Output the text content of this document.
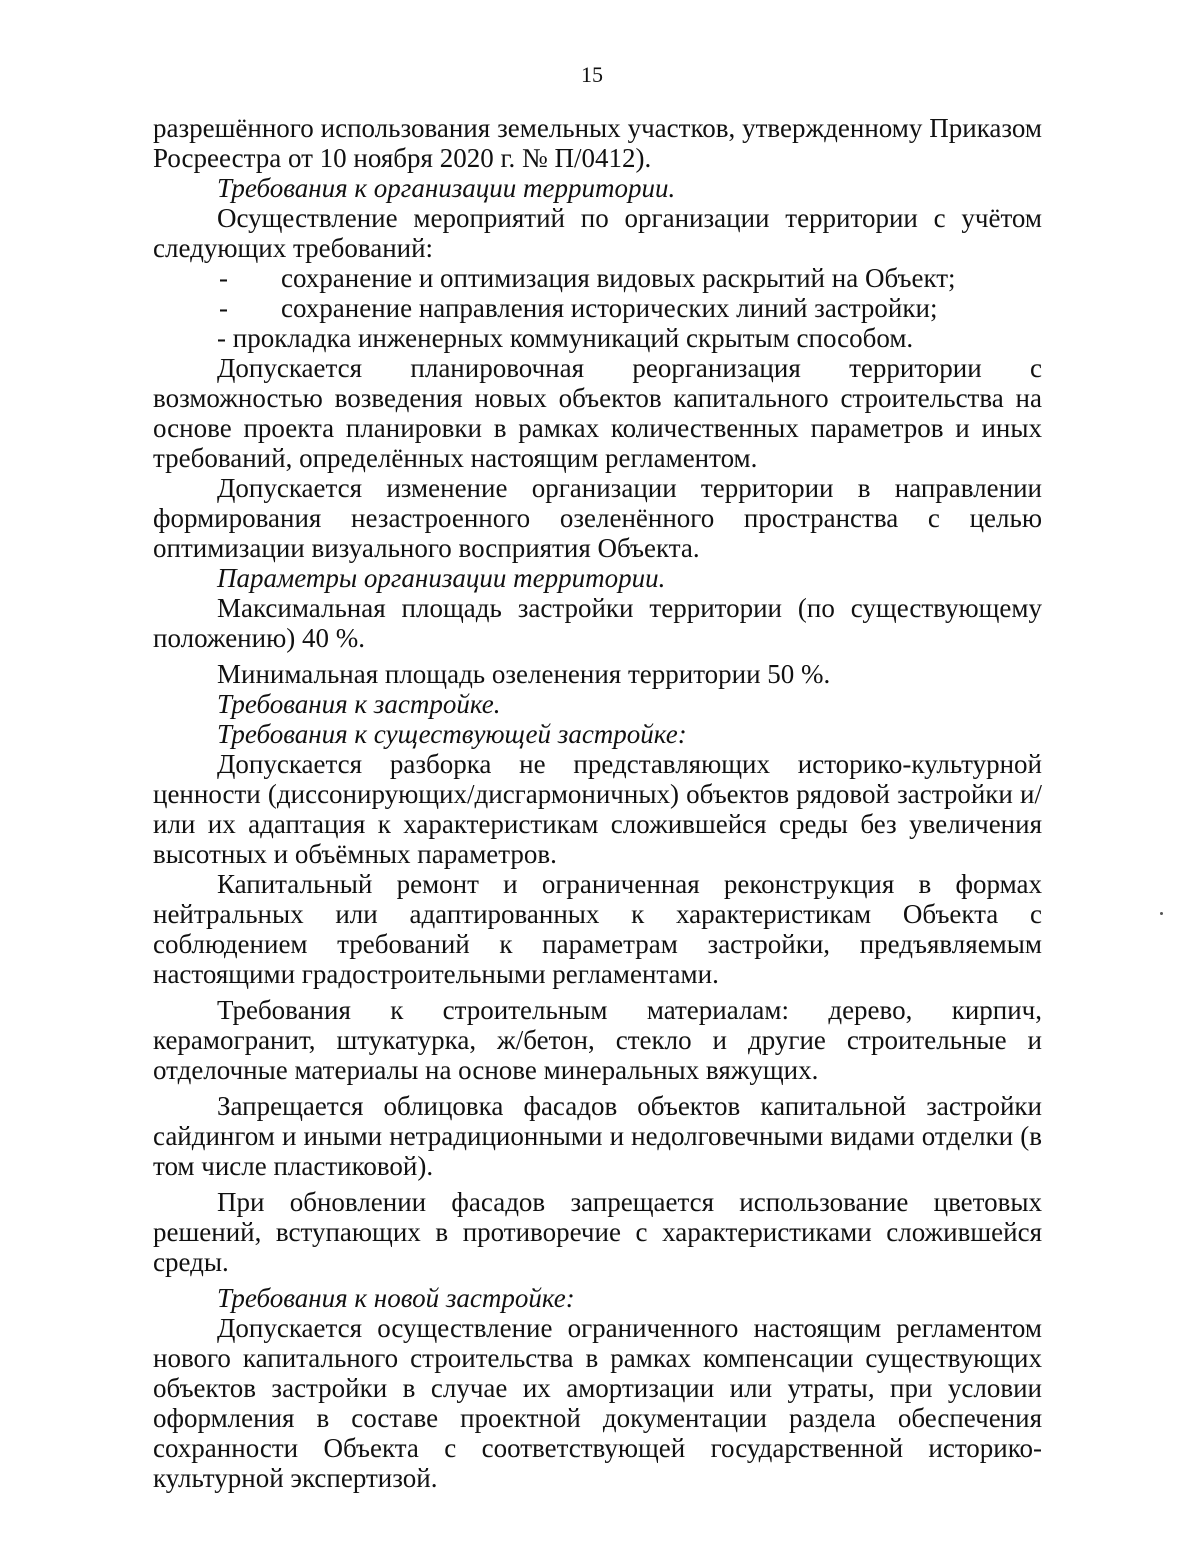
15

разрешённого использования земельных участков, утвержденному Приказом Росреестра от 10 ноября 2020 г. № П/0412).

Требования к организации территории.

Осуществление мероприятий по организации территории с учётом следующих требований:

- сохранение и оптимизация видовых раскрытий на Объект;

- сохранение направления исторических линий застройки;

- прокладка инженерных коммуникаций скрытым способом.

Допускается планировочная реорганизация территории с возможностью возведения новых объектов капитального строительства на основе проекта планировки в рамках количественных параметров и иных требований, определённых настоящим регламентом.

Допускается изменение организации территории в направлении формирования незастроенного озеленённого пространства с целью оптимизации визуального восприятия Объекта.

Параметры организации территории.

Максимальная площадь застройки территории (по существующему положению) 40 %.

Минимальная площадь озеленения территории 50 %.

Требования к застройке.

Требования к существующей застройке:

Допускается разборка не представляющих историко-культурной ценности (диссонирующих/дисгармоничных) объектов рядовой застройки и/или их адаптация к характеристикам сложившейся среды без увеличения высотных и объёмных параметров.

Капитальный ремонт и ограниченная реконструкция в формах нейтральных или адаптированных к характеристикам Объекта с соблюдением требований к параметрам застройки, предъявляемым настоящими градостроительными регламентами.

Требования к строительным материалам: дерево, кирпич, керамогранит, штукатурка, ж/бетон, стекло и другие строительные и отделочные материалы на основе минеральных вяжущих.

Запрещается облицовка фасадов объектов капитальной застройки сайдингом и иными нетрадиционными и недолговечными видами отделки (в том числе пластиковой).

При обновлении фасадов запрещается использование цветовых решений, вступающих в противоречие с характеристиками сложившейся среды.

Требования к новой застройке:

Допускается осуществление ограниченного настоящим регламентом нового капитального строительства в рамках компенсации существующих объектов застройки в случае их амортизации или утраты, при условии оформления в составе проектной документации раздела обеспечения сохранности Объекта с соответствующей государственной историко-культурной экспертизой.
